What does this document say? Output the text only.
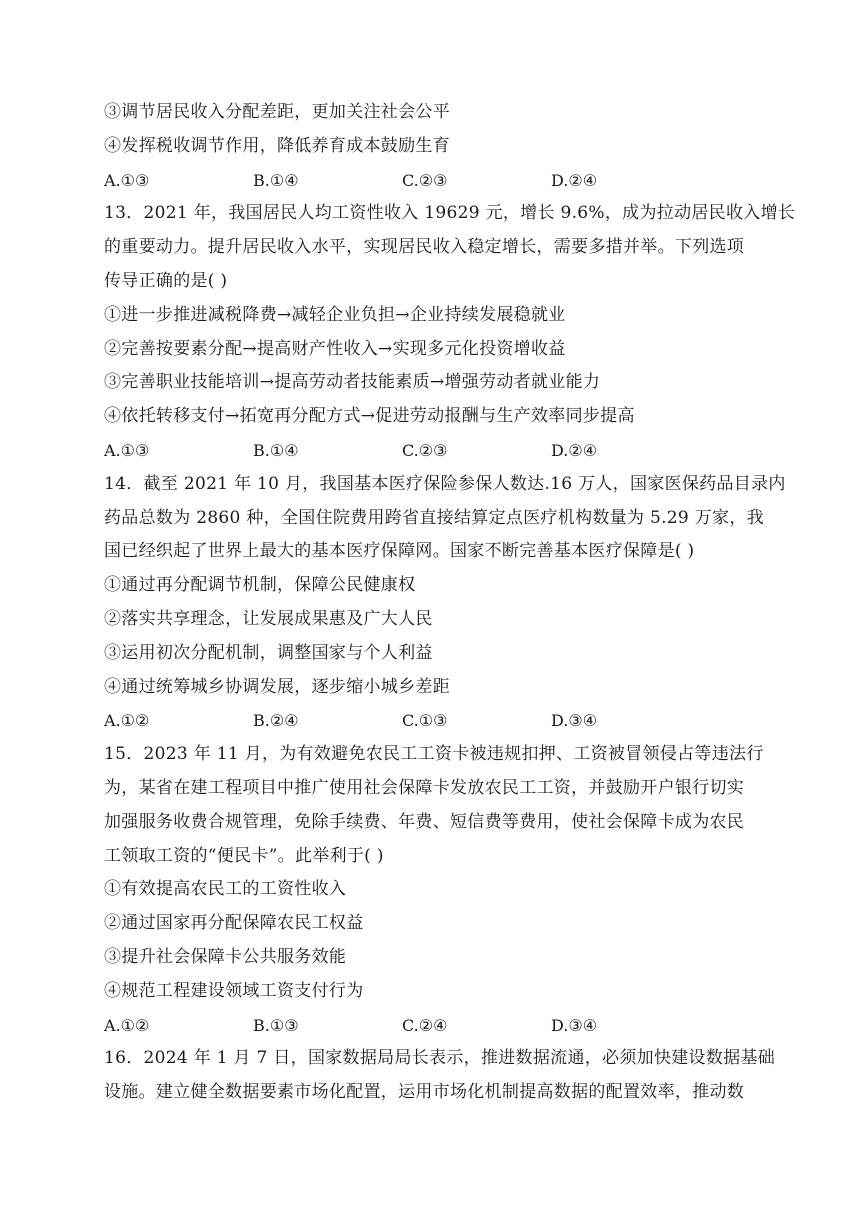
③调节居民收入分配差距，更加关注社会公平
④发挥税收调节作用，降低养育成本鼓励生育
A.①③	B.①④	C.②③	D.②④
13．2021 年，我国居民人均工资性收入 19629 元，增长 9.6%，成为拉动居民收入增长
的重要动力。提升居民收入水平，实现居民收入稳定增长，需要多措并举。下列选项
传导正确的是( )
①进一步推进减税降费→减轻企业负担→企业持续发展稳就业
②完善按要素分配→提高财产性收入→实现多元化投资增收益
③完善职业技能培训→提高劳动者技能素质→增强劳动者就业能力
④依托转移支付→拓宽再分配方式→促进劳动报酬与生产效率同步提高
A.①③	B.①④	C.②③	D.②④
14．截至 2021 年 10 月，我国基本医疗保险参保人数达.16 万人，国家医保药品目录内
药品总数为 2860 种，全国住院费用跨省直接结算定点医疗机构数量为 5.29 万家，我
国已经织起了世界上最大的基本医疗保障网。国家不断完善基本医疗保障是( )
①通过再分配调节机制，保障公民健康权
②落实共享理念，让发展成果惠及广大人民
③运用初次分配机制，调整国家与个人利益
④通过统筹城乡协调发展，逐步缩小城乡差距
A.①②	B.②④	C.①③	D.③④
15．2023 年 11 月，为有效避免农民工工资卡被违规扣押、工资被冒领侵占等违法行
为，某省在建工程项目中推广使用社会保障卡发放农民工工资，并鼓励开户银行切实
加强服务收费合规管理，免除手续费、年费、短信费等费用，使社会保障卡成为农民
工领取工资的“便民卡”。此举利于( )
①有效提高农民工的工资性收入
②通过国家再分配保障农民工权益
③提升社会保障卡公共服务效能
④规范工程建设领域工资支付行为
A.①②	B.①③	C.②④	D.③④
16．2024 年 1 月 7 日，国家数据局局长表示，推进数据流通，必须加快建设数据基础
设施。建立健全数据要素市场化配置，运用市场化机制提高数据的配置效率，推动数
